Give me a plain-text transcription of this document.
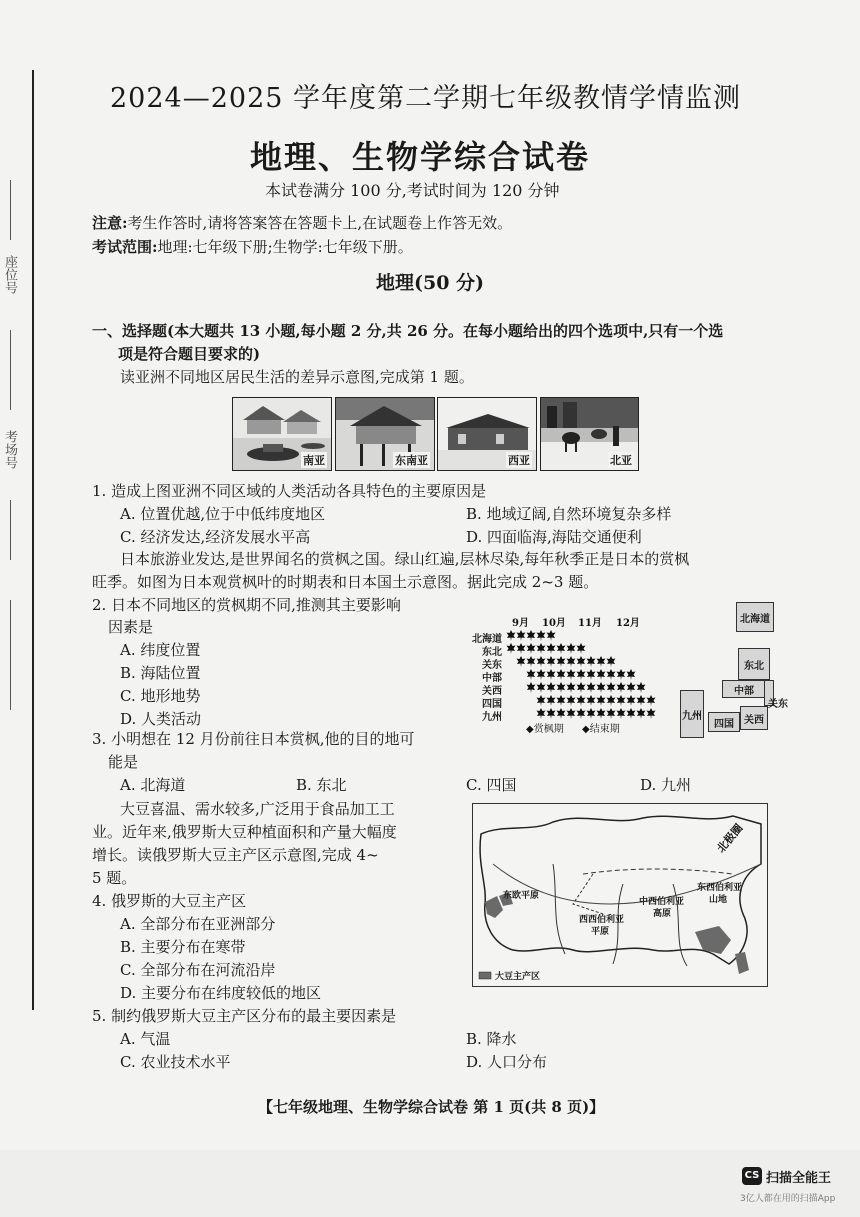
座位号
考场号
2024—2025 学年度第二学期七年级教情学情监测
地理、生物学综合试卷
本试卷满分 100 分,考试时间为 120 分钟
注意:考生作答时,请将答案答在答题卡上,在试题卷上作答无效。
考试范围:地理:七年级下册;生物学:七年级下册。
地理(50 分)
一、选择题(本大题共 13 小题,每小题 2 分,共 26 分。在每小题给出的四个选项中,只有一个选
项是符合题目要求的)
读亚洲不同地区居民生活的差异示意图,完成第 1 题。
南亚	东南亚	西亚	北亚
1. 造成上图亚洲不同区域的人类活动各具特色的主要原因是
A. 位置优越,位于中低纬度地区	B. 地域辽阔,自然环境复杂多样
C. 经济发达,经济发展水平高	D. 四面临海,海陆交通便利
日本旅游业发达,是世界闻名的赏枫之国。绿山红遍,层林尽染,每年秋季正是日本的赏枫
旺季。如图为日本观赏枫叶的时期表和日本国土示意图。据此完成 2~3 题。
2. 日本不同地区的赏枫期不同,推测其主要影响
因素是
A. 纬度位置
B. 海陆位置
C. 地形地势
D. 人类活动
9月 10月 11月 12月
北海道
东北
关东
中部
关西
四国
九州
◆赏枫期 ◆结束期
北海道
东北
中部
关东
九州
四国	关西
3. 小明想在 12 月份前往日本赏枫,他的目的地可
能是
A. 北海道	B. 东北	C. 四国	D. 九州
大豆喜温、需水较多,广泛用于食品加工工
业。近年来,俄罗斯大豆种植面积和产量大幅度
增长。读俄罗斯大豆主产区示意图,完成 4~
5 题。
北极圈
东欧平原
中西伯利亚
高原
东西伯利亚
山地
西西伯利亚
平原
大豆主产区
4. 俄罗斯的大豆主产区
A. 全部分布在亚洲部分
B. 主要分布在寒带
C. 全部分布在河流沿岸
D. 主要分布在纬度较低的地区
5. 制约俄罗斯大豆主产区分布的最主要因素是
A. 气温	B. 降水
C. 农业技术水平	D. 人口分布
【七年级地理、生物学综合试卷 第 1 页(共 8 页)】
CS 扫描全能王
3亿人都在用的扫描App
